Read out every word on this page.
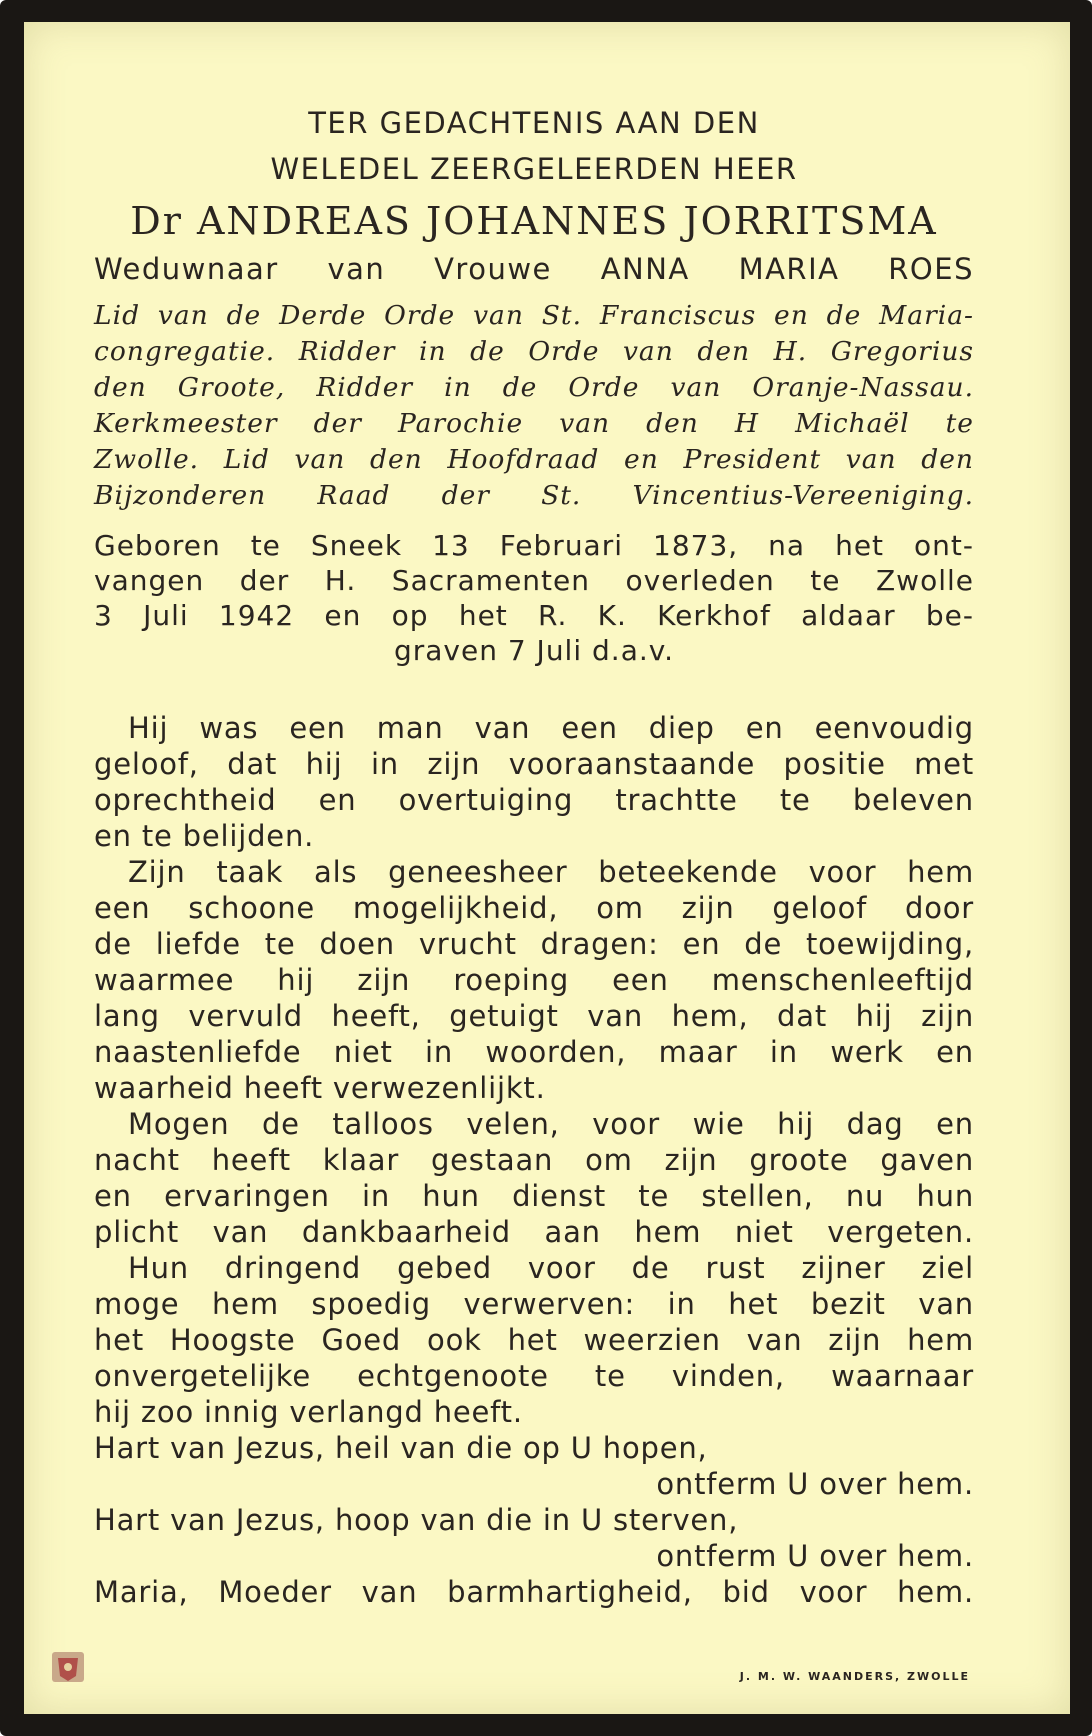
TER GEDACHTENIS AAN DEN
WELEDEL ZEERGELEERDEN HEER
Dr ANDREAS JOHANNES JORRITSMA
Weduwnaar van Vrouwe ANNA MARIA ROES
Lid van de Derde Orde van St. Franciscus en de Maria-
congregatie. Ridder in de Orde van den H. Gregorius
den Groote, Ridder in de Orde van Oranje-Nassau.
Kerkmeester der Parochie van den H Michaël te
Zwolle. Lid van den Hoofdraad en President van den
Bijzonderen Raad der St. Vincentius-Vereeniging.
Geboren te Sneek 13 Februari 1873, na het ont-
vangen der H. Sacramenten overleden te Zwolle
3 Juli 1942 en op het R. K. Kerkhof aldaar be-
graven 7 Juli d.a.v.
Hij was een man van een diep en eenvoudig
geloof, dat hij in zijn vooraanstaande positie met
oprechtheid en overtuiging trachtte te beleven
en te belijden.
Zijn taak als geneesheer beteekende voor hem
een schoone mogelijkheid, om zijn geloof door
de liefde te doen vrucht dragen: en de toewijding,
waarmee hij zijn roeping een menschenleeftijd
lang vervuld heeft, getuigt van hem, dat hij zijn
naastenliefde niet in woorden, maar in werk en
waarheid heeft verwezenlijkt.
Mogen de talloos velen, voor wie hij dag en
nacht heeft klaar gestaan om zijn groote gaven
en ervaringen in hun dienst te stellen, nu hun
plicht van dankbaarheid aan hem niet vergeten.
Hun dringend gebed voor de rust zijner ziel
moge hem spoedig verwerven: in het bezit van
het Hoogste Goed ook het weerzien van zijn hem
onvergetelijke echtgenoote te vinden, waarnaar
hij zoo innig verlangd heeft.
Hart van Jezus, heil van die op U hopen,
ontferm U over hem.
Hart van Jezus, hoop van die in U sterven,
ontferm U over hem.
Maria, Moeder van barmhartigheid, bid voor hem.
J. M. W. WAANDERS, ZWOLLE
